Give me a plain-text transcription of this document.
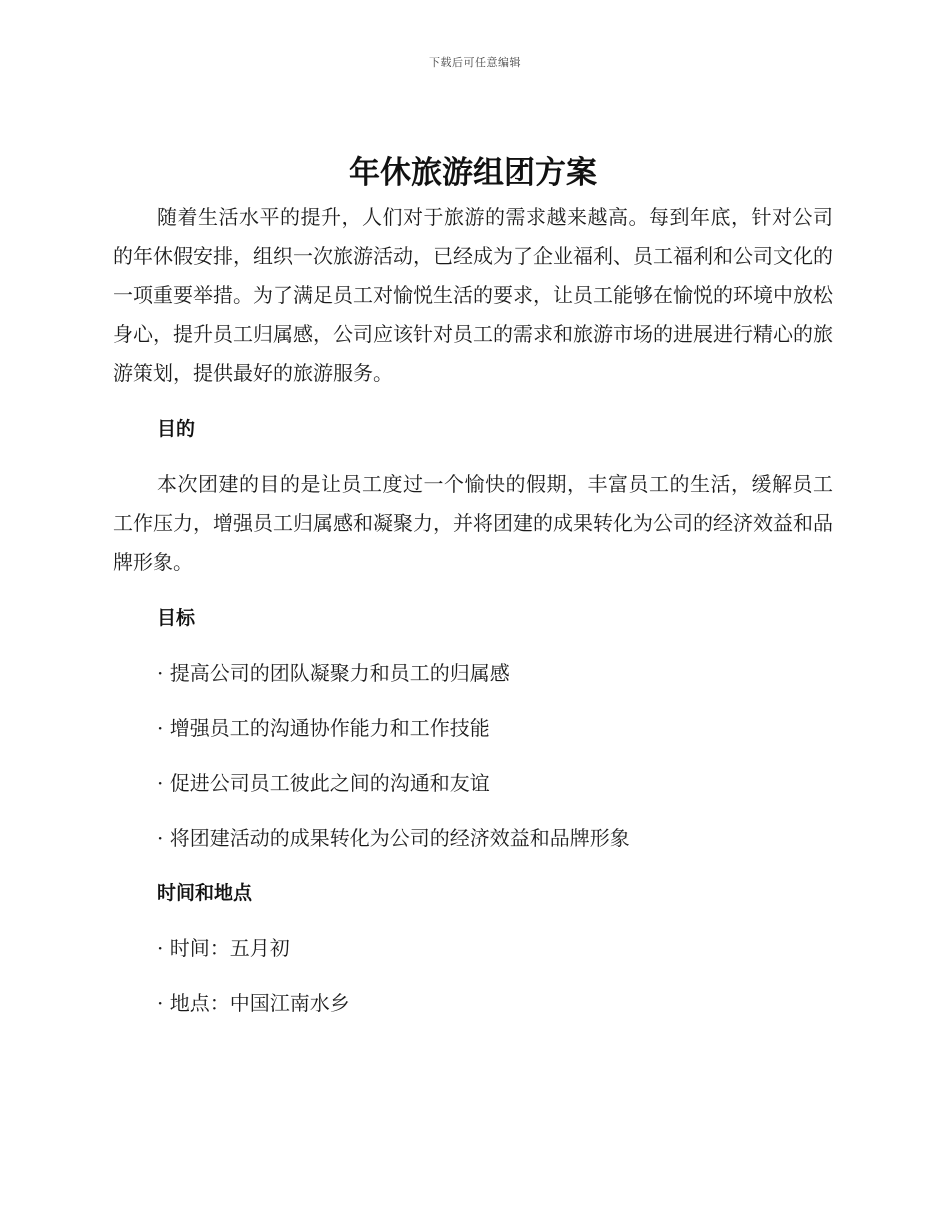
下载后可任意编辑
年休旅游组团方案

随着生活水平的提升，人们对于旅游的需求越来越高。每到年底，针对公司的年休假安排，组织一次旅游活动，已经成为了企业福利、员工福利和公司文化的一项重要举措。为了满足员工对愉悦生活的要求，让员工能够在愉悦的环境中放松身心，提升员工归属感，公司应该针对员工的需求和旅游市场的进展进行精心的旅游策划，提供最好的旅游服务。

目的

本次团建的目的是让员工度过一个愉快的假期，丰富员工的生活，缓解员工工作压力，增强员工归属感和凝聚力，并将团建的成果转化为公司的经济效益和品牌形象。

目标

· 提高公司的团队凝聚力和员工的归属感

· 增强员工的沟通协作能力和工作技能

· 促进公司员工彼此之间的沟通和友谊

· 将团建活动的成果转化为公司的经济效益和品牌形象

时间和地点

· 时间：五月初

· 地点：中国江南水乡
